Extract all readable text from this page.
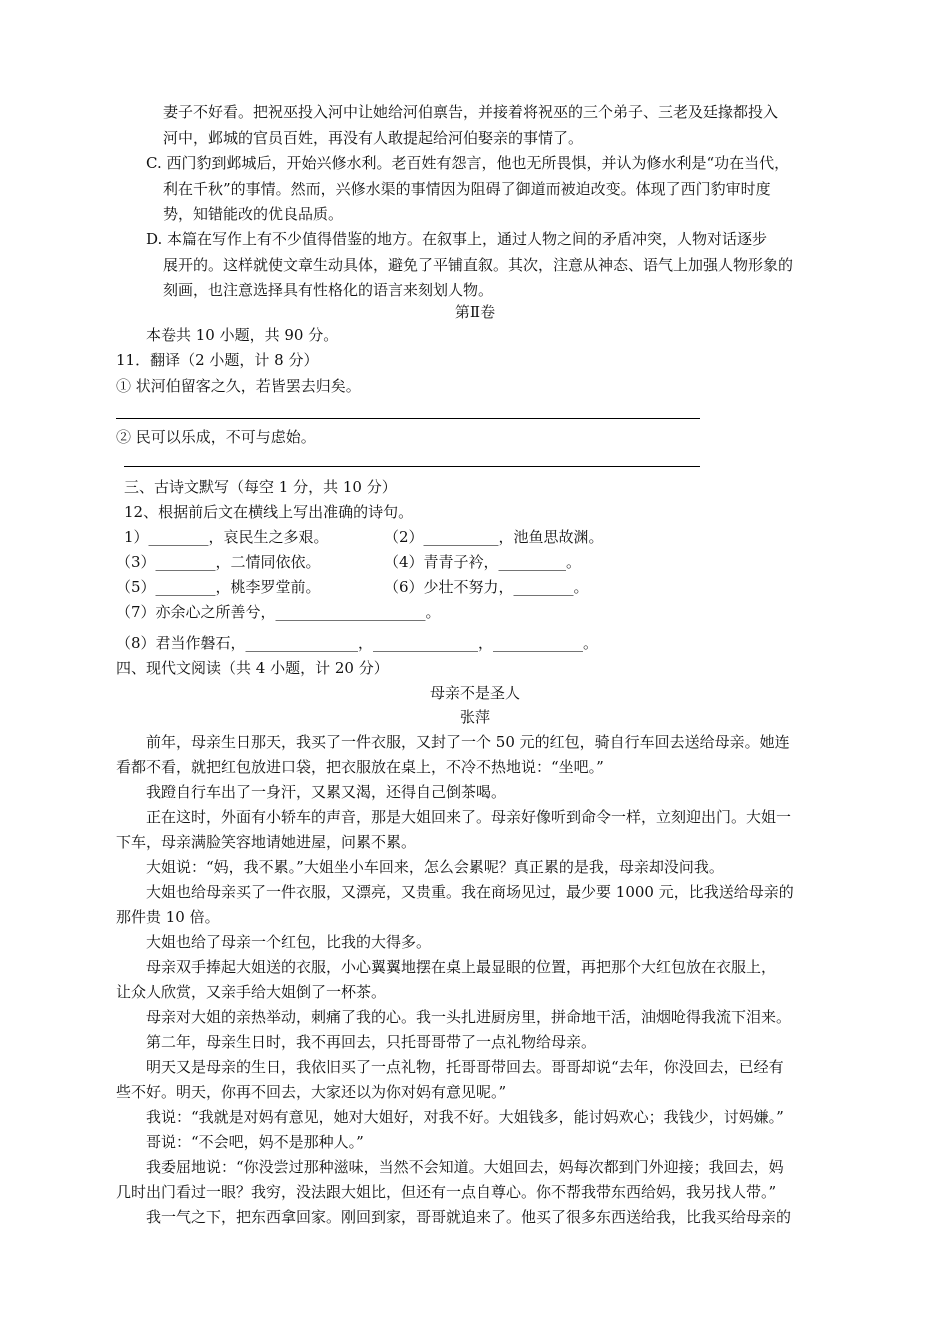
妻子不好看。把祝巫投入河中让她给河伯禀告，并接着将祝巫的三个弟子、三老及廷掾都投入
河中，邺城的官员百姓，再没有人敢提起给河伯娶亲的事情了。
C. 西门豹到邺城后，开始兴修水利。老百姓有怨言，他也无所畏惧，并认为修水利是“功在当代，
利在千秋”的事情。然而，兴修水渠的事情因为阻碍了御道而被迫改变。体现了西门豹审时度
势，知错能改的优良品质。
D. 本篇在写作上有不少值得借鉴的地方。在叙事上，通过人物之间的矛盾冲突，人物对话逐步
展开的。这样就使文章生动具体，避免了平铺直叙。其次，注意从神态、语气上加强人物形象的
刻画，也注意选择具有性格化的语言来刻划人物。
第Ⅱ卷
本卷共 10 小题，共 90 分。
11．翻译（2 小题，计 8 分）
① 状河伯留客之久，若皆罢去归矣。
② 民可以乐成，不可与虑始。
三、古诗文默写（每空 1 分，共 10 分）
12、根据前后文在横线上写出准确的诗句。
1）________，哀民生之多艰。	（2）__________，池鱼思故渊。
（3）________，二情同依依。	（4）青青子衿，_________。
（5）________，桃李罗堂前。	（6）少壮不努力，________。
（7）亦余心之所善兮，____________________。
（8）君当作磐石，_______________，______________，____________。
四、现代文阅读（共 4 小题，计 20 分）
母亲不是圣人
张萍
前年，母亲生日那天，我买了一件衣服，又封了一个 50 元的红包，骑自行车回去送给母亲。她连
看都不看，就把红包放进口袋，把衣服放在桌上，不冷不热地说：“坐吧。”
我蹬自行车出了一身汗，又累又渴，还得自己倒茶喝。
正在这时，外面有小轿车的声音，那是大姐回来了。母亲好像听到命令一样，立刻迎出门。大姐一
下车，母亲满脸笑容地请她进屋，问累不累。
大姐说：“妈，我不累。”大姐坐小车回来，怎么会累呢？真正累的是我，母亲却没问我。
大姐也给母亲买了一件衣服，又漂亮，又贵重。我在商场见过，最少要 1000 元，比我送给母亲的
那件贵 10 倍。
大姐也给了母亲一个红包，比我的大得多。
母亲双手捧起大姐送的衣服，小心翼翼地摆在桌上最显眼的位置，再把那个大红包放在衣服上，
让众人欣赏，又亲手给大姐倒了一杯茶。
母亲对大姐的亲热举动，刺痛了我的心。我一头扎进厨房里，拼命地干活，油烟呛得我流下泪来。
第二年，母亲生日时，我不再回去，只托哥哥带了一点礼物给母亲。
明天又是母亲的生日，我依旧买了一点礼物，托哥哥带回去。哥哥却说“去年，你没回去，已经有
些不好。明天，你再不回去，大家还以为你对妈有意见呢。”
我说：“我就是对妈有意见，她对大姐好，对我不好。大姐钱多，能讨妈欢心；我钱少，讨妈嫌。”
哥说：“不会吧，妈不是那种人。”
我委屈地说：“你没尝过那种滋味，当然不会知道。大姐回去，妈每次都到门外迎接；我回去，妈
几时出门看过一眼？我穷，没法跟大姐比，但还有一点自尊心。你不帮我带东西给妈，我另找人带。”
我一气之下，把东西拿回家。刚回到家，哥哥就追来了。他买了很多东西送给我，比我买给母亲的
